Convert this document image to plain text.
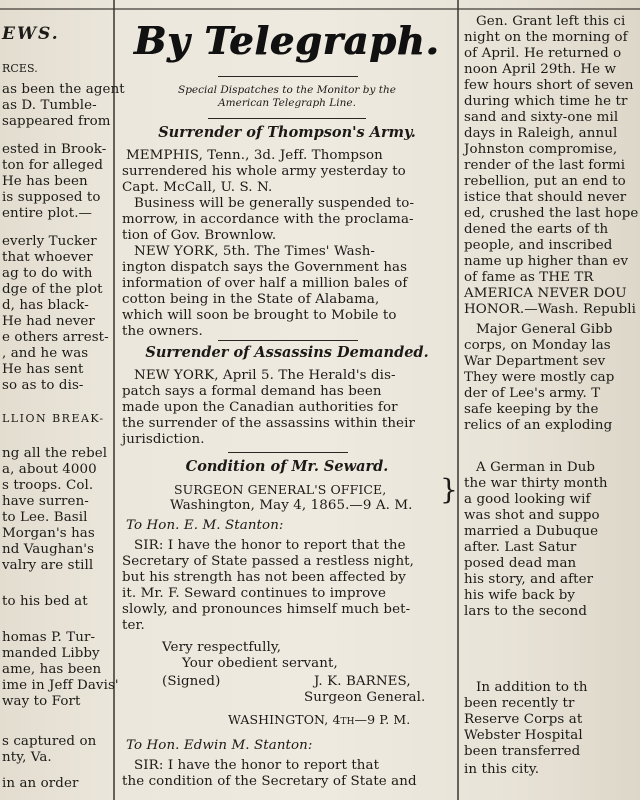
EWS.
RCES.
as been the agent
as D. Tumble-
sappeared from
ested in Brook-
ton for alleged
He has been
is supposed to
entire plot.—
everly Tucker
that whoever
ag to do with
dge of the plot
d, has black-
He had never
e others arrest-
, and he was
He has sent
so as to dis-
LLION BREAK-
ng all the rebel
a, about 4000
s troops. Col.
have surren-
to Lee. Basil
Morgan's has
nd Vaughan's
valry are still
to his bed at
homas P. Tur-
manded Libby
ame, has been
ime in Jeff Davis'
way to Fort
s captured on
nty, Va.
in an order
By Telegraph.
Special Dispatches to the Monitor by the
American Telegraph Line.
Surrender of Thompson's Army.
MEMPHIS, Tenn., 3d. Jeff. Thompson
surrendered his whole army yesterday to
Capt. McCall, U. S. N.
Business will be generally suspended to-
morrow, in accordance with the proclama-
tion of Gov. Brownlow.
NEW YORK, 5th. The Times' Wash-
ington dispatch says the Government has
information of over half a million bales of
cotton being in the State of Alabama,
which will soon be brought to Mobile to
the owners.
Surrender of Assassins Demanded.
NEW YORK, April 5. The Herald's dis-
patch says a formal demand has been
made upon the Canadian authorities for
the surrender of the assassins within their
jurisdiction.
Condition of Mr. Seward.
SURGEON GENERAL'S OFFICE,
Washington, May 4, 1865.—9 A. M. }
To Hon. E. M. Stanton:
SIR: I have the honor to report that the
Secretary of State passed a restless night,
but his strength has not been affected by
it. Mr. F. Seward continues to improve
slowly, and pronounces himself much bet-
ter.
Very respectfully,
Your obedient servant,
(Signed)	J. K. BARNES,
Surgeon General.
WASHINGTON, 4th—9 P. M.
To Hon. Edwin M. Stanton:
SIR: I have the honor to report that
the condition of the Secretary of State and
Gen. Grant left this ci
night on the morning of
of April. He returned o
noon April 29th. He w
few hours short of seven
during which time he tr
sand and sixty-one mil
days in Raleigh, annul
Johnston compromise,
render of the last formi
rebellion, put an end to
istice that should never
ed, crushed the last hope
dened the earts of th
people, and inscribed
name up higher than ev
of fame as THE TR
AMERICA NEVER DOU
HONOR.—Wash. Republi
Major General Gibb
corps, on Monday las
War Department sev
They were mostly cap
der of Lee's army. T
safe keeping by the
relics of an exploding
A German in Dub
the war thirty month
a good looking wif
was shot and suppo
married a Dubuque
after. Last Satur
posed dead man
his story, and after
his wife back by
lars to the second
In addition to th
been recently tr
Reserve Corps at
Webster Hospital
been transferred
in this city.
